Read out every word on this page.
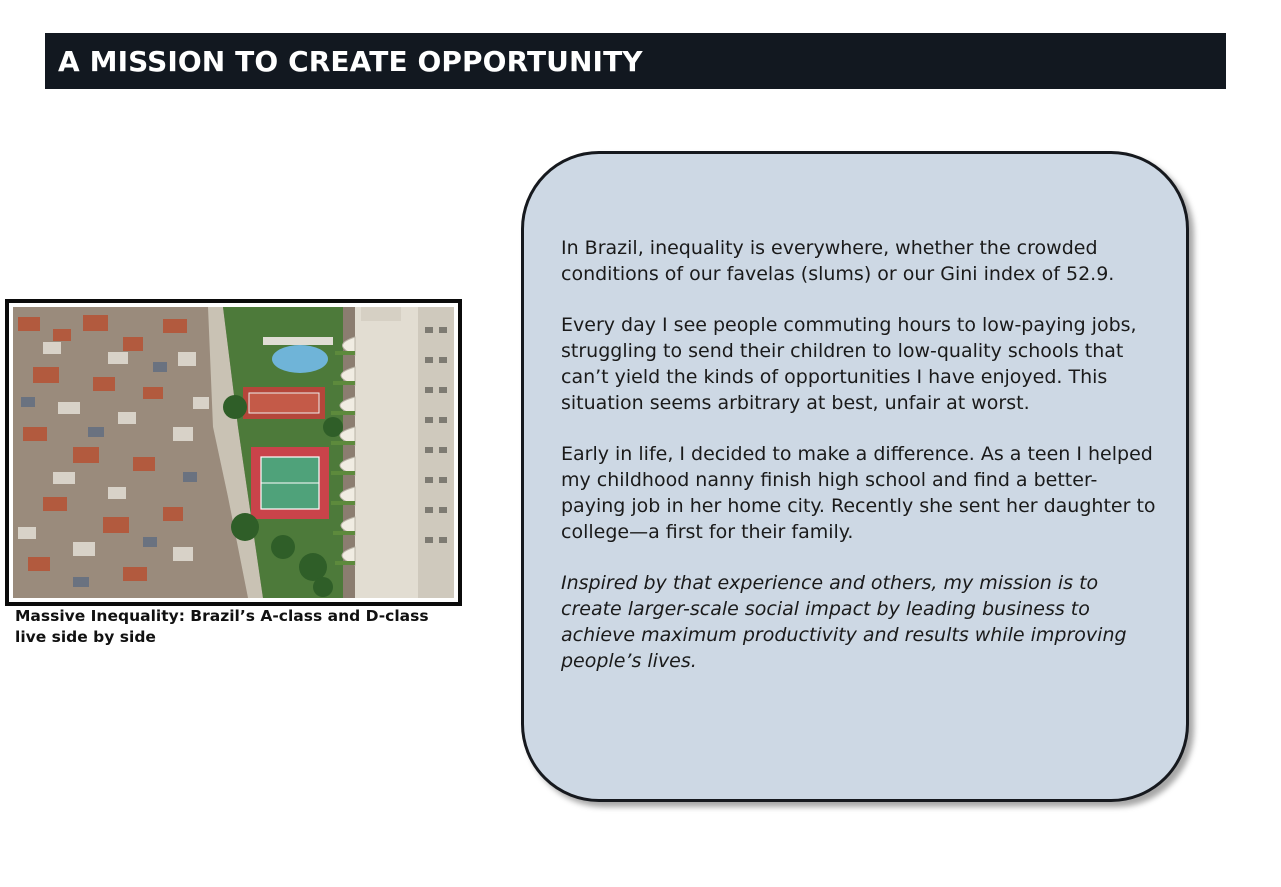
A MISSION TO CREATE OPPORTUNITY
Massive Inequality: Brazil’s A-class and D-class live side by side

In Brazil, inequality is everywhere, whether the crowded conditions of our favelas (slums) or our Gini index of 52.9.

Every day I see people commuting hours to low-paying jobs, struggling to send their children to low-quality schools that can’t yield the kinds of opportunities I have enjoyed. This situation seems arbitrary at best, unfair at worst.

Early in life, I decided to make a difference. As a teen I helped my childhood nanny finish high school and find a better-paying job in her home city. Recently she sent her daughter to college—a first for their family.

Inspired by that experience and others, my mission is to create larger-scale social impact by leading business to achieve maximum productivity and results while improving people’s lives.
